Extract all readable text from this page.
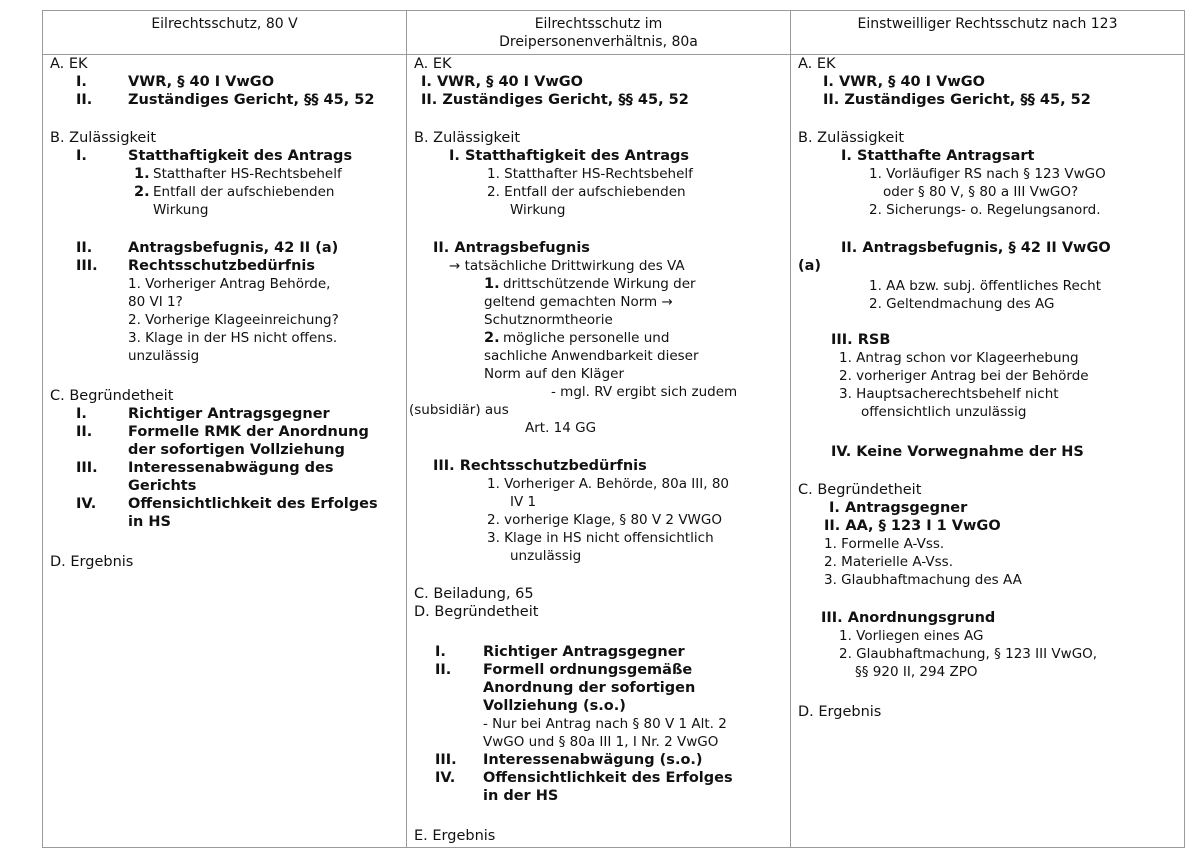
Eilrechtsschutz, 80 V
A. EK
I.	VWR, § 40 I VwGO
II. Zuständiges Gericht, §§ 45, 52
B. Zulässigkeit
I.	Statthaftigkeit des Antrags
1. Statthafter HS-Rechtsbehelf
2. Entfall der aufschiebenden
Wirkung
II. Antragsbefugnis, 42 II (a)
III. Rechtsschutzbedürfnis
1. Vorheriger Antrag Behörde,
80 VI 1?
2. Vorherige Klageeinreichung?
3. Klage in der HS nicht offens.
unzulässig
C. Begründetheit
I.	Richtiger Antragsgegner
II. Formelle RMK der Anordnung
der sofortigen Vollziehung
III. Interessenabwägung des
Gerichts
IV. Offensichtlichkeit des Erfolges
in HS
D. Ergebnis
Eilrechtsschutz im
Dreipersonenverhältnis, 80a
A. EK
I. VWR, § 40 I VwGO
II. Zuständiges Gericht, §§ 45, 52
B. Zulässigkeit
I. Statthaftigkeit des Antrags
1. Statthafter HS-Rechtsbehelf
2. Entfall der aufschiebenden
Wirkung
II. Antragsbefugnis
→ tatsächliche Drittwirkung des VA
1. drittschützende Wirkung der
geltend gemachten Norm →
Schutznormtheorie
2. mögliche personelle und
sachliche Anwendbarkeit dieser
Norm auf den Kläger
- mgl. RV ergibt sich zudem
(subsidiär) aus
Art. 14 GG
III. Rechtsschutzbedürfnis
1. Vorheriger A. Behörde, 80a III, 80
IV 1
2. vorherige Klage, § 80 V 2 VWGO
3. Klage in HS nicht offensichtlich
unzulässig
C. Beiladung, 65
D. Begründetheit
I.	Richtiger Antragsgegner
II. Formell ordnungsgemäße
Anordnung der sofortigen
Vollziehung (s.o.)
- Nur bei Antrag nach § 80 V 1 Alt. 2
VwGO und § 80a III 1, I Nr. 2 VwGO
III. Interessenabwägung (s.o.)
IV. Offensichtlichkeit des Erfolges
in der HS
E. Ergebnis
Einstweilliger Rechtsschutz nach 123
A. EK
I. VWR, § 40 I VwGO
II. Zuständiges Gericht, §§ 45, 52
B. Zulässigkeit
I. Statthafte Antragsart
1. Vorläufiger RS nach § 123 VwGO
oder § 80 V, § 80 a III VwGO?
2. Sicherungs- o. Regelungsanord.
II. Antragsbefugnis, § 42 II VwGO
(a)
1. AA bzw. subj. öffentliches Recht
2. Geltendmachung des AG
III. RSB
1. Antrag schon vor Klageerhebung
2. vorheriger Antrag bei der Behörde
3. Hauptsacherechtsbehelf nicht
offensichtlich unzulässig
IV. Keine Vorwegnahme der HS
C. Begründetheit
I. Antragsgegner
II. AA, § 123 I 1 VwGO
1. Formelle A-Vss.
2. Materielle A-Vss.
3. Glaubhaftmachung des AA
III. Anordnungsgrund
1. Vorliegen eines AG
2. Glaubhaftmachung, § 123 III VwGO,
§§ 920 II, 294 ZPO
D. Ergebnis
